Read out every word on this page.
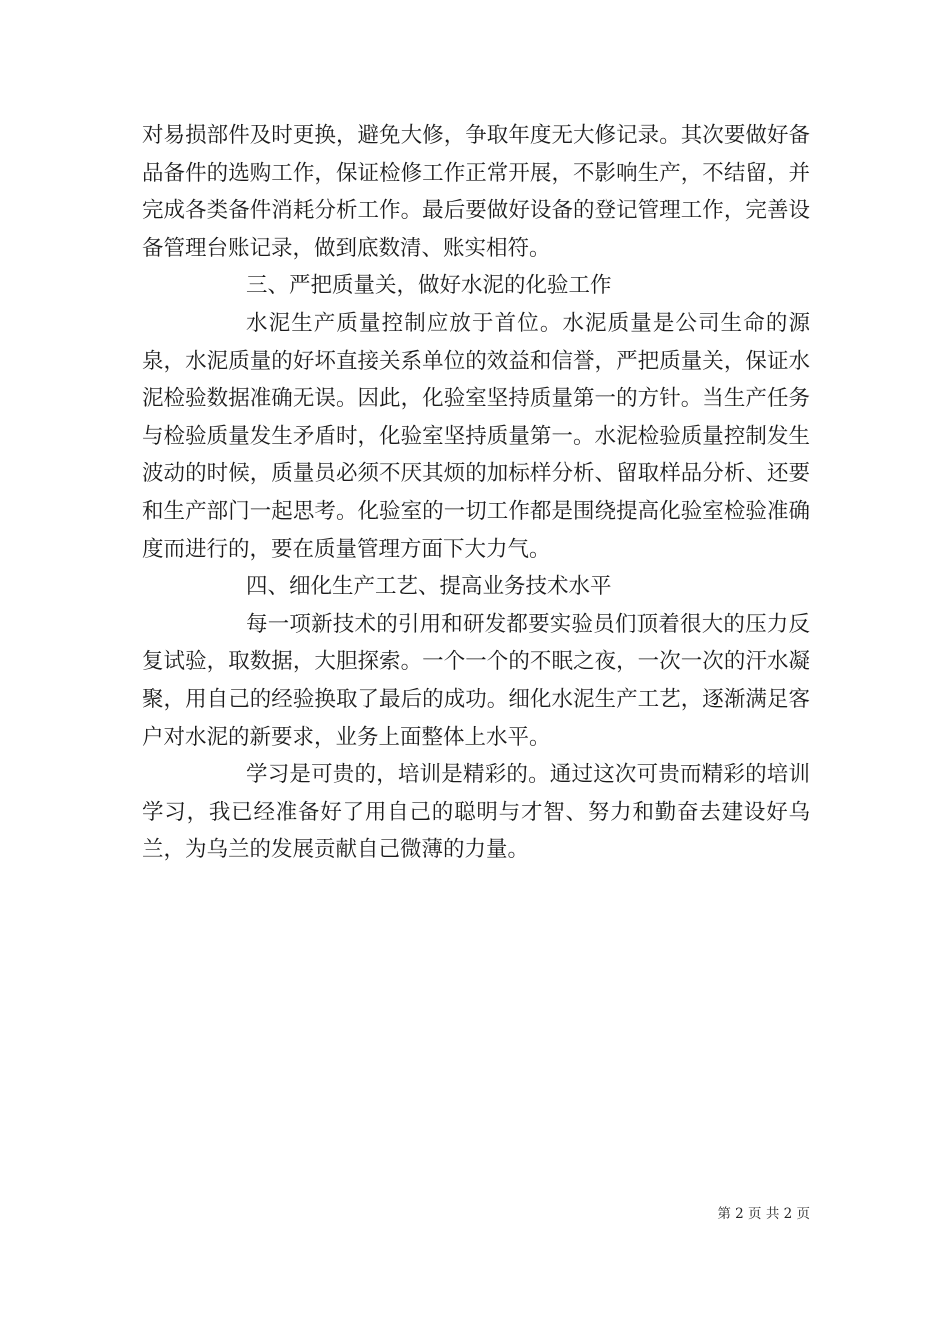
对易损部件及时更换，避免大修，争取年度无大修记录。其次要做好备品备件的选购工作，保证检修工作正常开展，不影响生产，不结留，并完成各类备件消耗分析工作。最后要做好设备的登记管理工作，完善设备管理台账记录，做到底数清、账实相符。

三、严把质量关，做好水泥的化验工作

水泥生产质量控制应放于首位。水泥质量是公司生命的源泉，水泥质量的好坏直接关系单位的效益和信誉，严把质量关，保证水泥检验数据准确无误。因此，化验室坚持质量第一的方针。当生产任务与检验质量发生矛盾时，化验室坚持质量第一。水泥检验质量控制发生波动的时候，质量员必须不厌其烦的加标样分析、留取样品分析、还要和生产部门一起思考。化验室的一切工作都是围绕提高化验室检验准确度而进行的，要在质量管理方面下大力气。

四、细化生产工艺、提高业务技术水平

每一项新技术的引用和研发都要实验员们顶着很大的压力反复试验，取数据，大胆探索。一个一个的不眠之夜，一次一次的汗水凝聚，用自己的经验换取了最后的成功。细化水泥生产工艺，逐渐满足客户对水泥的新要求，业务上面整体上水平。

学习是可贵的，培训是精彩的。通过这次可贵而精彩的培训学习，我已经准备好了用自己的聪明与才智、努力和勤奋去建设好乌兰，为乌兰的发展贡献自己微薄的力量。

第 2 页 共 2 页
